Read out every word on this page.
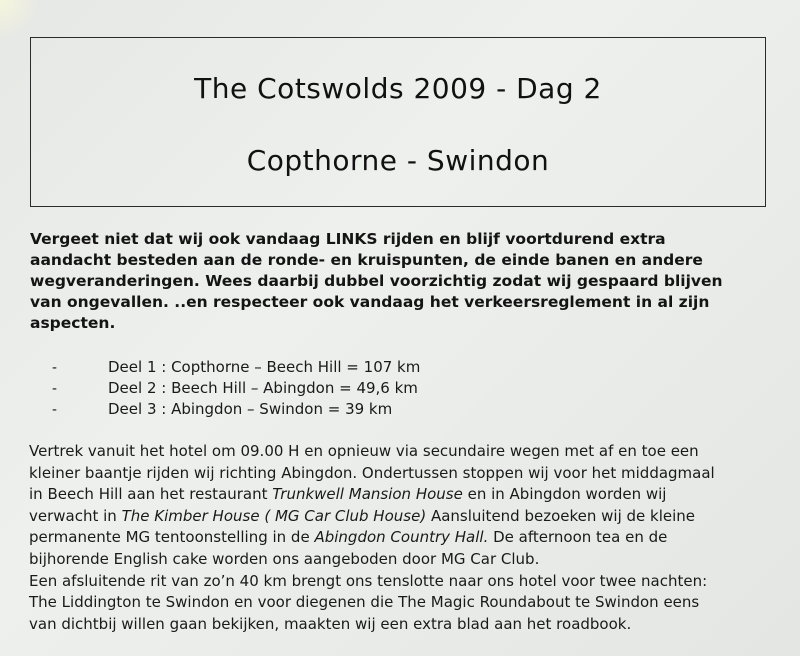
The Cotswolds 2009 - Dag 2
Copthorne - Swindon
Vergeet niet dat wij ook vandaag LINKS rijden en blijf voortdurend extra
aandacht besteden aan de ronde- en kruispunten, de einde banen en andere
wegveranderingen. Wees daarbij dubbel voorzichtig zodat wij gespaard blijven
van ongevallen. ..en respecteer ook vandaag het verkeersreglement in al zijn
aspecten.
-	Deel 1 : Copthorne – Beech Hill = 107 km
-	Deel 2 : Beech Hill – Abingdon = 49,6 km
-	Deel 3 : Abingdon – Swindon = 39 km
Vertrek vanuit het hotel om 09.00 H en opnieuw via secundaire wegen met af en toe een
kleiner baantje rijden wij richting Abingdon. Ondertussen stoppen wij voor het middagmaal
in Beech Hill aan het restaurant Trunkwell Mansion House en in Abingdon worden wij
verwacht in The Kimber House ( MG Car Club House) Aansluitend bezoeken wij de kleine
permanente MG tentoonstelling in de Abingdon Country Hall. De afternoon tea en de
bijhorende English cake worden ons aangeboden door MG Car Club.
Een afsluitende rit van zo’n 40 km brengt ons tenslotte naar ons hotel voor twee nachten:
The Liddington te Swindon en voor diegenen die The Magic Roundabout te Swindon eens
van dichtbij willen gaan bekijken, maakten wij een extra blad aan het roadbook.
